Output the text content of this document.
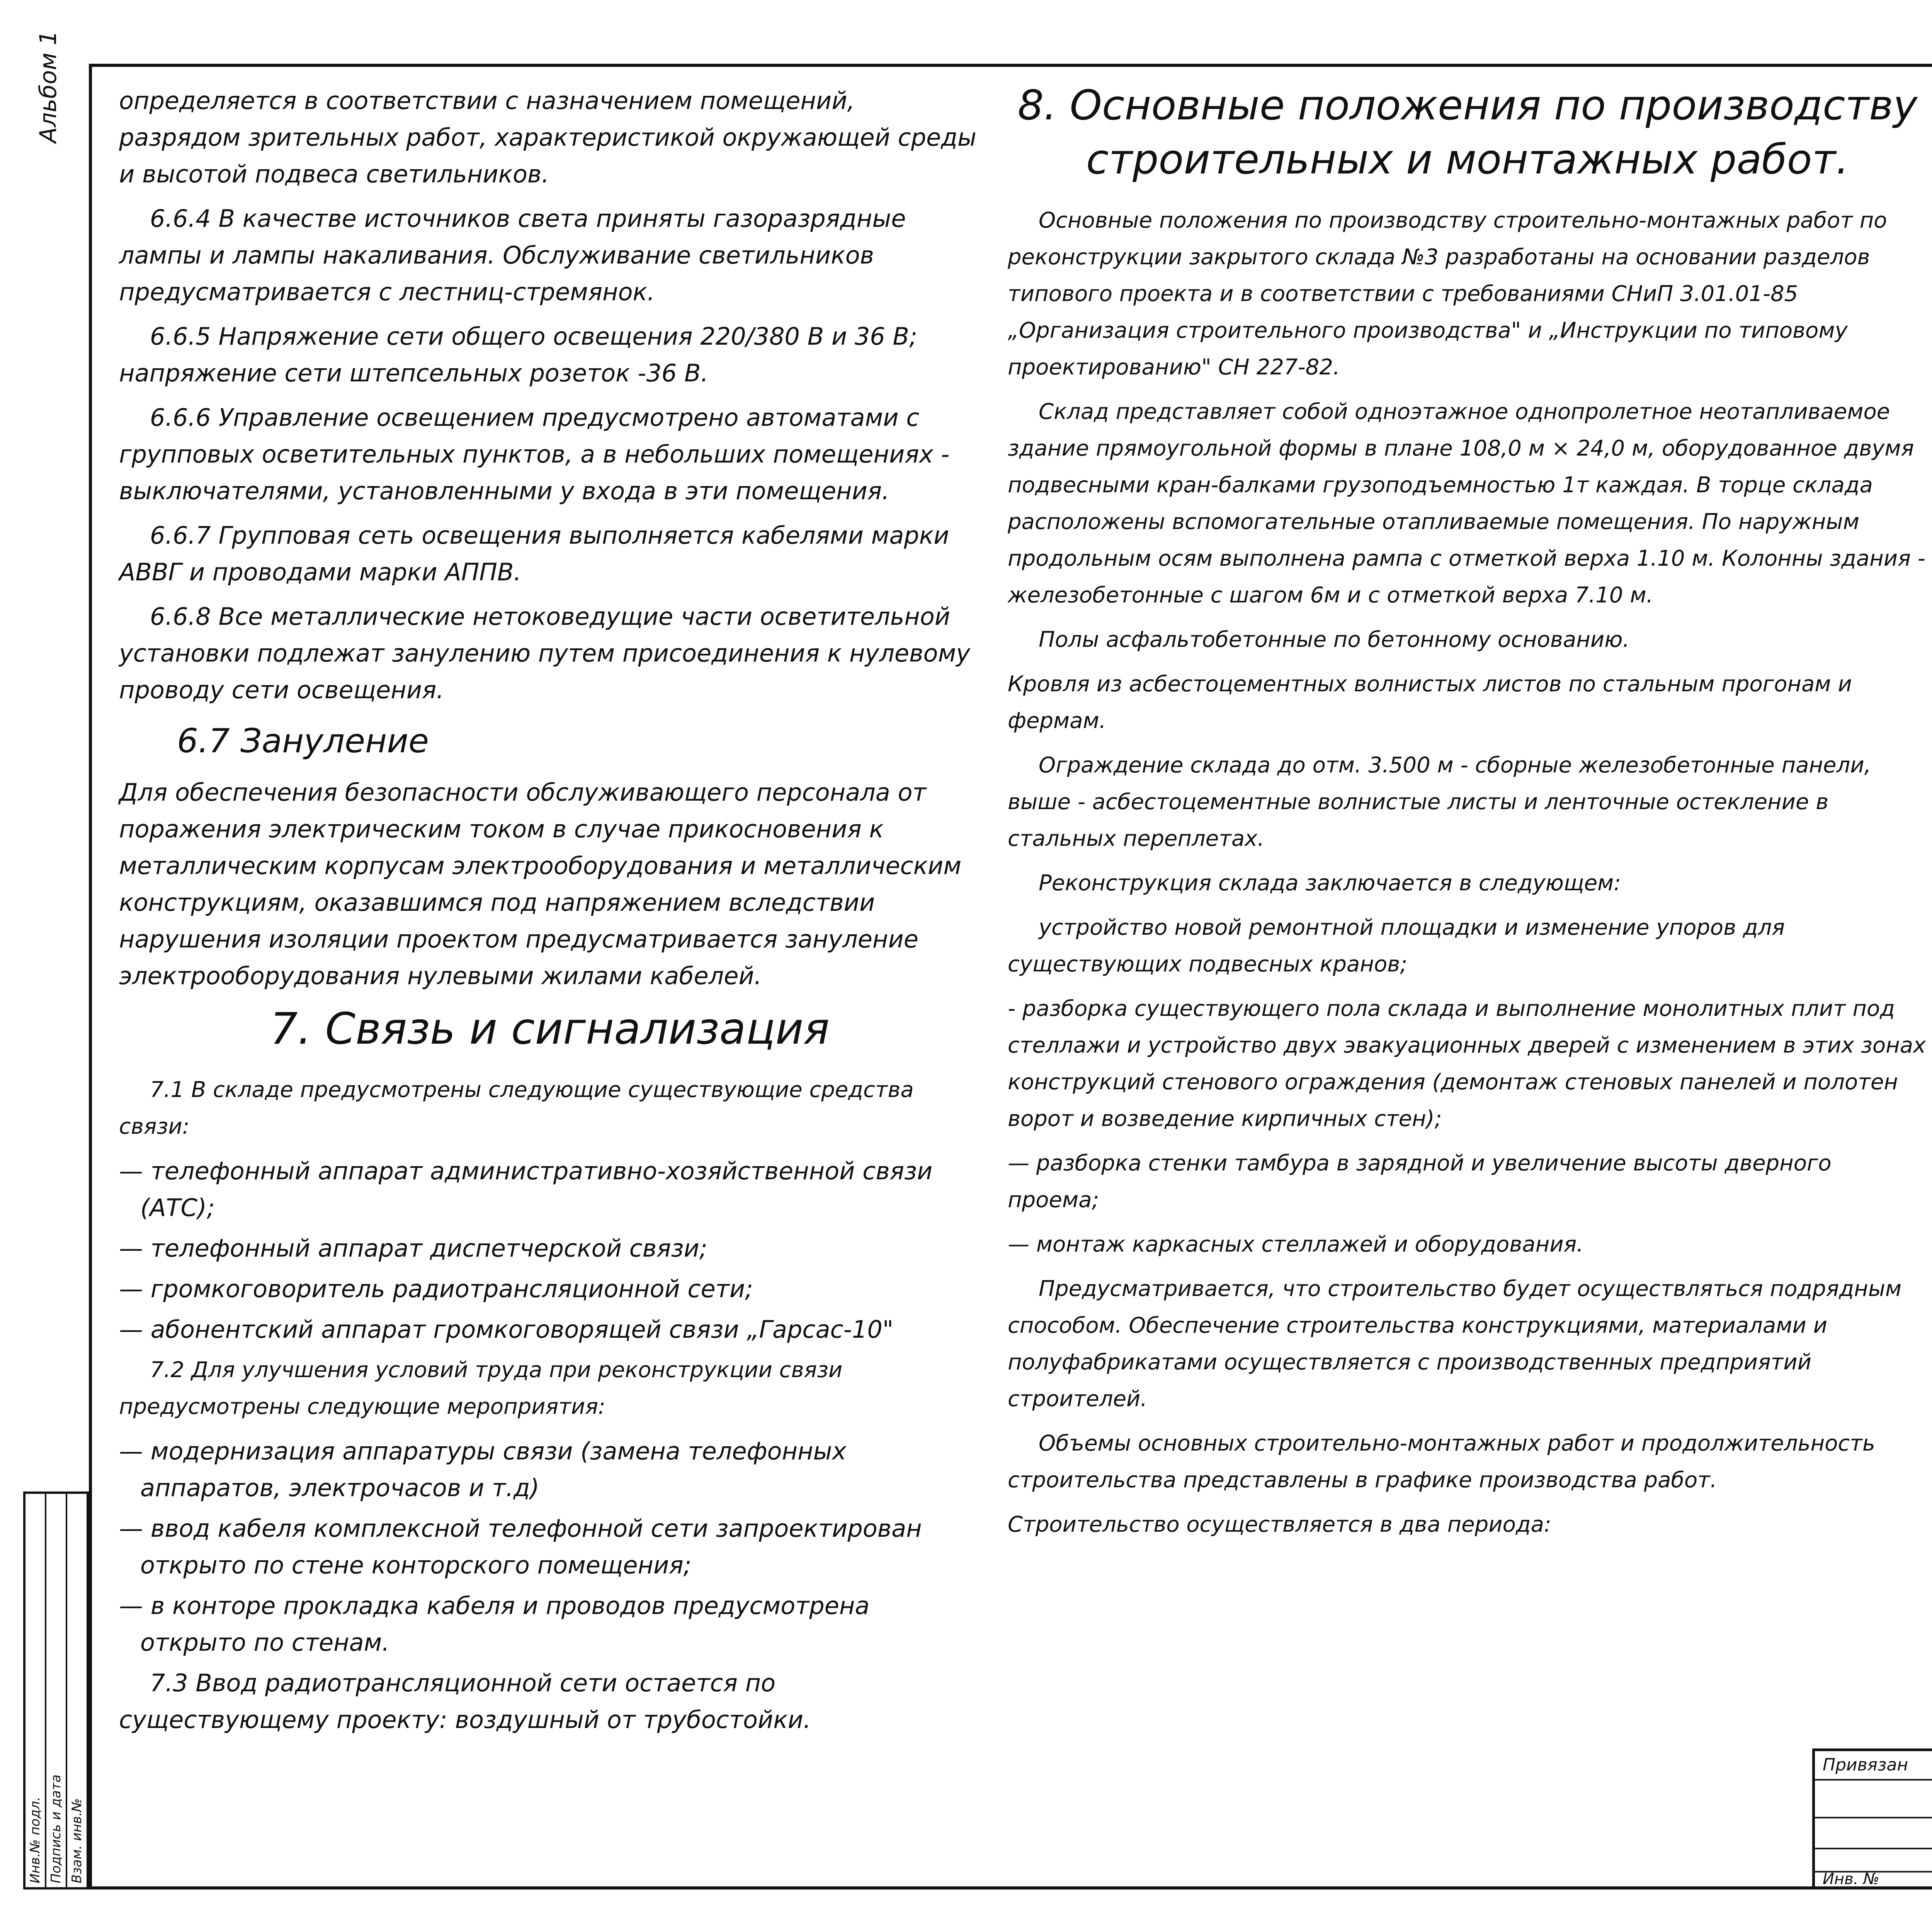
Альбом 1
Инв.№ подл. Подпись и дата Взам. инв.№

определяется в соответствии с назначением помещений, разрядом зрительных работ, характеристикой окружающей среды и высотой подвеса светильников.

6.6.4 В качестве источников света приняты газоразрядные лампы и лампы накаливания. Обслуживание светильников предусматривается с лестниц-стремянок.

6.6.5 Напряжение сети общего освещения 220/380 В и 36 В; напряжение сети штепсельных розеток -36 В.

6.6.6 Управление освещением предусмотрено автоматами с групповых осветительных пунктов, а в небольших помещениях - выключателями, установленными у входа в эти помещения.

6.6.7 Групповая сеть освещения выполняется кабелями марки АВВГ и проводами марки АППВ.

6.6.8 Все металлические нетоковедущие части осветительной установки подлежат занулению путем присоединения к нулевому проводу сети освещения.

6.7 Зануление

Для обеспечения безопасности обслуживающего персонала от поражения электрическим током в случае прикосновения к металлическим корпусам электрооборудования и металлическим конструкциям, оказавшимся под напряжением вследствии нарушения изоляции проектом предусматривается зануление электрооборудования нулевыми жилами кабелей.

7. Связь и сигнализация

7.1 В складе предусмотрены следующие существующие средства связи:

— телефонный аппарат административно-хозяйственной связи (АТС);
— телефонный аппарат диспетчерской связи;
— громкоговоритель радиотрансляционной сети;
— абонентский аппарат громкоговорящей связи „Гарсас-10"

7.2 Для улучшения условий труда при реконструкции связи предусмотрены следующие мероприятия:

— модернизация аппаратуры связи (замена телефонных аппаратов, электрочасов и т.д)
— ввод кабеля комплексной телефонной сети запроектирован открыто по стене конторского помещения;
— в конторе прокладка кабеля и проводов предусмотрена открыто по стенам.

7.3 Ввод радиотрансляционной сети остается по существующему проекту: воздушный от трубостойки.

8. Основные положения по производству строительных и монтажных работ.

Основные положения по производству строительно-монтажных работ по реконструкции закрытого склада №3 разработаны на основании разделов типового проекта и в соответствии с требованиями СНиП 3.01.01-85 „Организация строительного производства" и „Инструкции по типовому проектированию" СН 227-82.

Склад представляет собой одноэтажное однопролетное неотапливаемое здание прямоугольной формы в плане 108,0 м × 24,0 м, оборудованное двумя подвесными кран-балками грузоподъемностью 1т каждая. В торце склада расположены вспомогательные отапливаемые помещения. По наружным продольным осям выполнена рампа с отметкой верха 1.10 м. Колонны здания - железобетонные с шагом 6м и с отметкой верха 7.10 м.

Полы асфальтобетонные по бетонному основанию.

Кровля из асбестоцементных волнистых листов по стальным прогонам и фермам.

Ограждение склада до отм. 3.500 м - сборные железобетонные панели, выше - асбестоцементные волнистые листы и ленточные остекление в стальных переплетах.

Реконструкция склада заключается в следующем:

устройство новой ремонтной площадки и изменение упоров для существующих подвесных кранов;

- разборка существующего пола склада и выполнение монолитных плит под стеллажи и устройство двух эвакуационных дверей с изменением в этих зонах конструкций стенового ограждения (демонтаж стеновых панелей и полотен ворот и возведение кирпичных стен);

— разборка стенки тамбура в зарядной и увеличение высоты дверного проема;

— монтаж каркасных стеллажей и оборудования.

Предусматривается, что строительство будет осуществляться подрядным способом. Обеспечение строительства конструкциями, материалами и полуфабрикатами осуществляется с производственных предприятий строителей.

Объемы основных строительно-монтажных работ и продолжительность строительства представлены в графике производства работ.

Строительство осуществляется в два периода:

Привязан
Инв. №
